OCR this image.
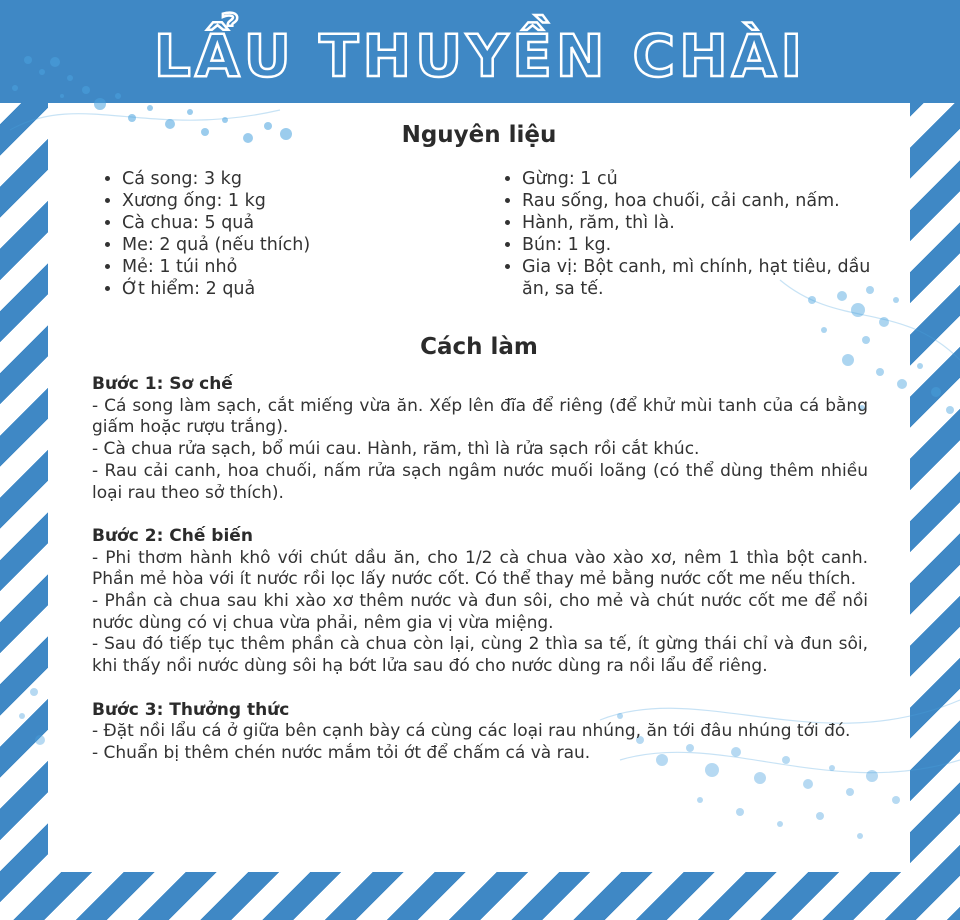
LẨU THUYỀN CHÀI
Nguyên liệu
• Cá song: 3 kg
• Xương ống: 1 kg
• Cà chua: 5 quả
• Me: 2 quả (nếu thích)
• Mẻ: 1 túi nhỏ
• Ớt hiểm: 2 quả
• Gừng: 1 củ
• Rau sống, hoa chuối, cải canh, nấm.
• Hành, răm, thì là.
• Bún: 1 kg.
• Gia vị: Bột canh, mì chính, hạt tiêu, dầu ăn, sa tế.
Cách làm
Bước 1: Sơ chế
- Cá song làm sạch, cắt miếng vừa ăn. Xếp lên đĩa để riêng (để khử mùi tanh của cá bằng giấm hoặc rượu trắng).
- Cà chua rửa sạch, bổ múi cau. Hành, răm, thì là rửa sạch rồi cắt khúc.
- Rau cải canh, hoa chuối, nấm rửa sạch ngâm nước muối loãng (có thể dùng thêm nhiều loại rau theo sở thích).
Bước 2: Chế biến
- Phi thơm hành khô với chút dầu ăn, cho 1/2 cà chua vào xào xơ, nêm 1 thìa bột canh. Phần mẻ hòa với ít nước rồi lọc lấy nước cốt. Có thể thay mẻ bằng nước cốt me nếu thích.
- Phần cà chua sau khi xào xơ thêm nước và đun sôi, cho mẻ và chút nước cốt me để nồi nước dùng có vị chua vừa phải, nêm gia vị vừa miệng.
- Sau đó tiếp tục thêm phần cà chua còn lại, cùng 2 thìa sa tế, ít gừng thái chỉ và đun sôi, khi thấy nồi nước dùng sôi hạ bớt lửa sau đó cho nước dùng ra nồi lẩu để riêng.
Bước 3: Thưởng thức
- Đặt nồi lẩu cá ở giữa bên cạnh bày cá cùng các loại rau nhúng, ăn tới đâu nhúng tới đó.
- Chuẩn bị thêm chén nước mắm tỏi ớt để chấm cá và rau.
